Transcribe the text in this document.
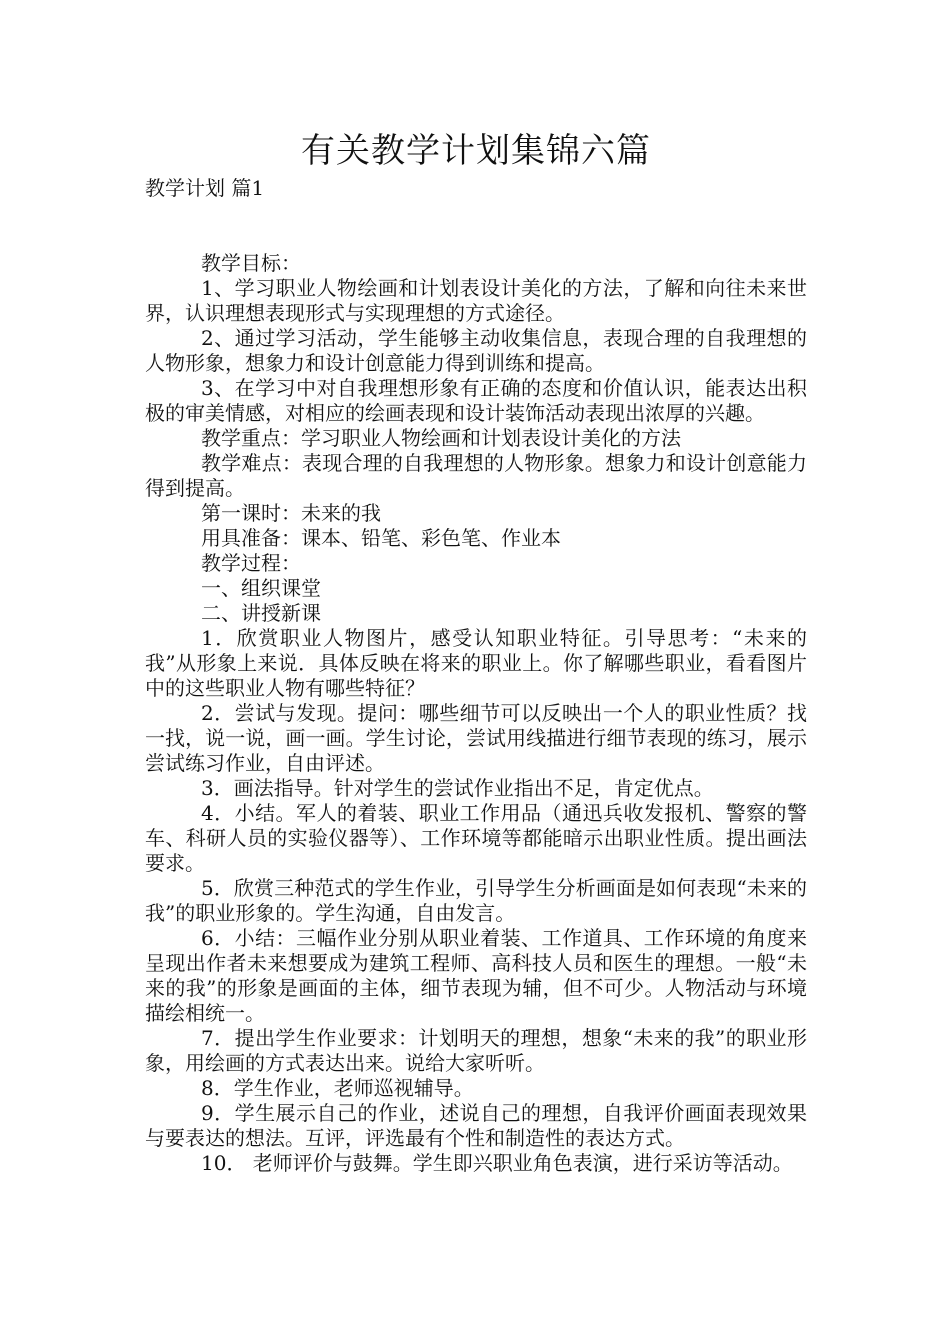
有关教学计划集锦六篇

教学计划 篇1

教学目标：

1、学习职业人物绘画和计划表设计美化的方法，了解和向往未来世界，认识理想表现形式与实现理想的方式途径。

2、通过学习活动，学生能够主动收集信息，表现合理的自我理想的人物形象，想象力和设计创意能力得到训练和提高。

3、在学习中对自我理想形象有正确的态度和价值认识，能表达出积极的审美情感，对相应的绘画表现和设计装饰活动表现出浓厚的兴趣。

教学重点：学习职业人物绘画和计划表设计美化的方法

教学难点：表现合理的自我理想的人物形象。想象力和设计创意能力得到提高。

第一课时：未来的我

用具准备：课本、铅笔、彩色笔、作业本

教学过程：

一、组织课堂

二、讲授新课

1．欣赏职业人物图片，感受认知职业特征。引导思考：“未来的我”从形象上来说．具体反映在将来的职业上。你了解哪些职业，看看图片中的这些职业人物有哪些特征？

2．尝试与发现。提问：哪些细节可以反映出一个人的职业性质？找一找，说一说，画一画。学生讨论，尝试用线描进行细节表现的练习，展示尝试练习作业，自由评述。

3．画法指导。针对学生的尝试作业指出不足，肯定优点。

4．小结。军人的着装、职业工作用品（通迅兵收发报机、警察的警车、科研人员的实验仪器等）、工作环境等都能暗示出职业性质。提出画法要求。

5．欣赏三种范式的学生作业，引导学生分析画面是如何表现“未来的我”的职业形象的。学生沟通，自由发言。

6．小结：三幅作业分别从职业着装、工作道具、工作环境的角度来呈现出作者未来想要成为建筑工程师、高科技人员和医生的理想。一般“未来的我”的形象是画面的主体，细节表现为辅，但不可少。人物活动与环境描绘相统一。

7．提出学生作业要求：计划明天的理想，想象“未来的我”的职业形象，用绘画的方式表达出来。说给大家听听。

8．学生作业，老师巡视辅导。

9．学生展示自己的作业，述说自己的理想，自我评价画面表现效果与要表达的想法。互评，评选最有个性和制造性的表达方式。

10． 老师评价与鼓舞。学生即兴职业角色表演，进行采访等活动。
